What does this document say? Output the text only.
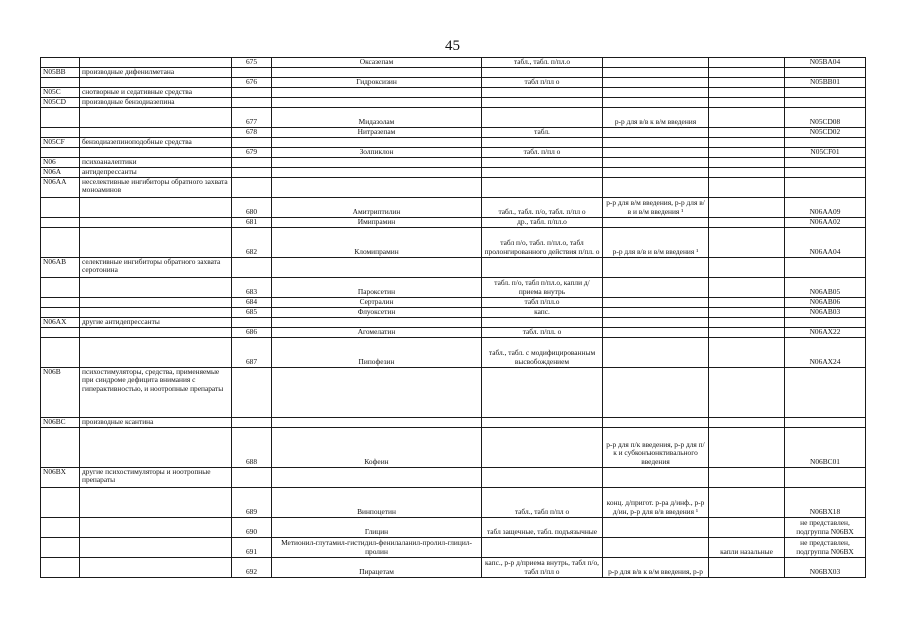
45
		675	Оксазепам	табл., табл. п/пл.о			N05BA04
N05BB	производные дифенилметана						
		676	Гидроксизин	табл п/пл о			N05BB01
N05C	снотворные и седативные средства						
N05CD	производные бензодиазепина						
		677	Мидазолам		р-р для в/в к в/м введения		N05CD08
		678	Нитразепам	табл.			N05CD02
N05CF	бензодиазепиноподобные средства						
		679	Золпиклон	табл. п/пл о			N05CF01
N06	психоаналептики						
N06A	антидепрессанты						
N06AA	неселективные ингибиторы обратного захвата моноаминов						
		680	Амитриптилин	табл., табл. п/о, табл. п/пл о	р-р для в/м введения, р-р для в/в и в/м введения ¹		N06AA09
		681	Имипрамин	др., табл. п/пл.о			N06AA02
		682	Кломипрамин	табл п/о, табл. п/пл.о, табл пролонгированного действия п/пл. о	р-р для в/в и в/м введения ¹		N06AA04
N06AB	селективные ингибиторы обратного захвата серотонина						
		683	Пароксетин	табл. п/о, табл п/пл.о, капли д/приема внутрь			N06AB05
		684	Сертралин	табл п/пл.о			N06AB06
		685	Флуоксетин	капс.			N06AB03
N06AX	другие антидепрессанты						
		686	Агомелатин	табл. п/пл. о			N06AX22
		687	Пипофезин	табл., табл. с модифицированным высвобождением			N06AX24
N06B	психостимуляторы, средства, применяемые при синдроме дефицита внимания с гиперактивностью, и ноотропные препараты						
N06BC	производные ксантина						
		688	Кофеин		р-р для п/к введения, р-р для п/к и субконъюнктивального введения		N06BC01
N06BX	другие психостимуляторы и ноотропные препараты						
		689	Винпоцетин	табл., табл п/пл о	конц. д/пригот. р-ра д/инф., р-р д/ин, р-р для в/в введения ¹		N06BX18
		690	Глицин	табл защечные, табл. подъязычные			не представлен, подгруппа N06BX
		691	Метионил-глутамил-гистидил-фенилаланил-пролил-глицил-пролин			капли назальные	не представлен, подгруппа N06BX
		692	Пирацетам	капс., р-р д/приема внутрь, табл п/о, табл п/пл о	р-р для в/в к в/м введения, р-р		N06BX03
